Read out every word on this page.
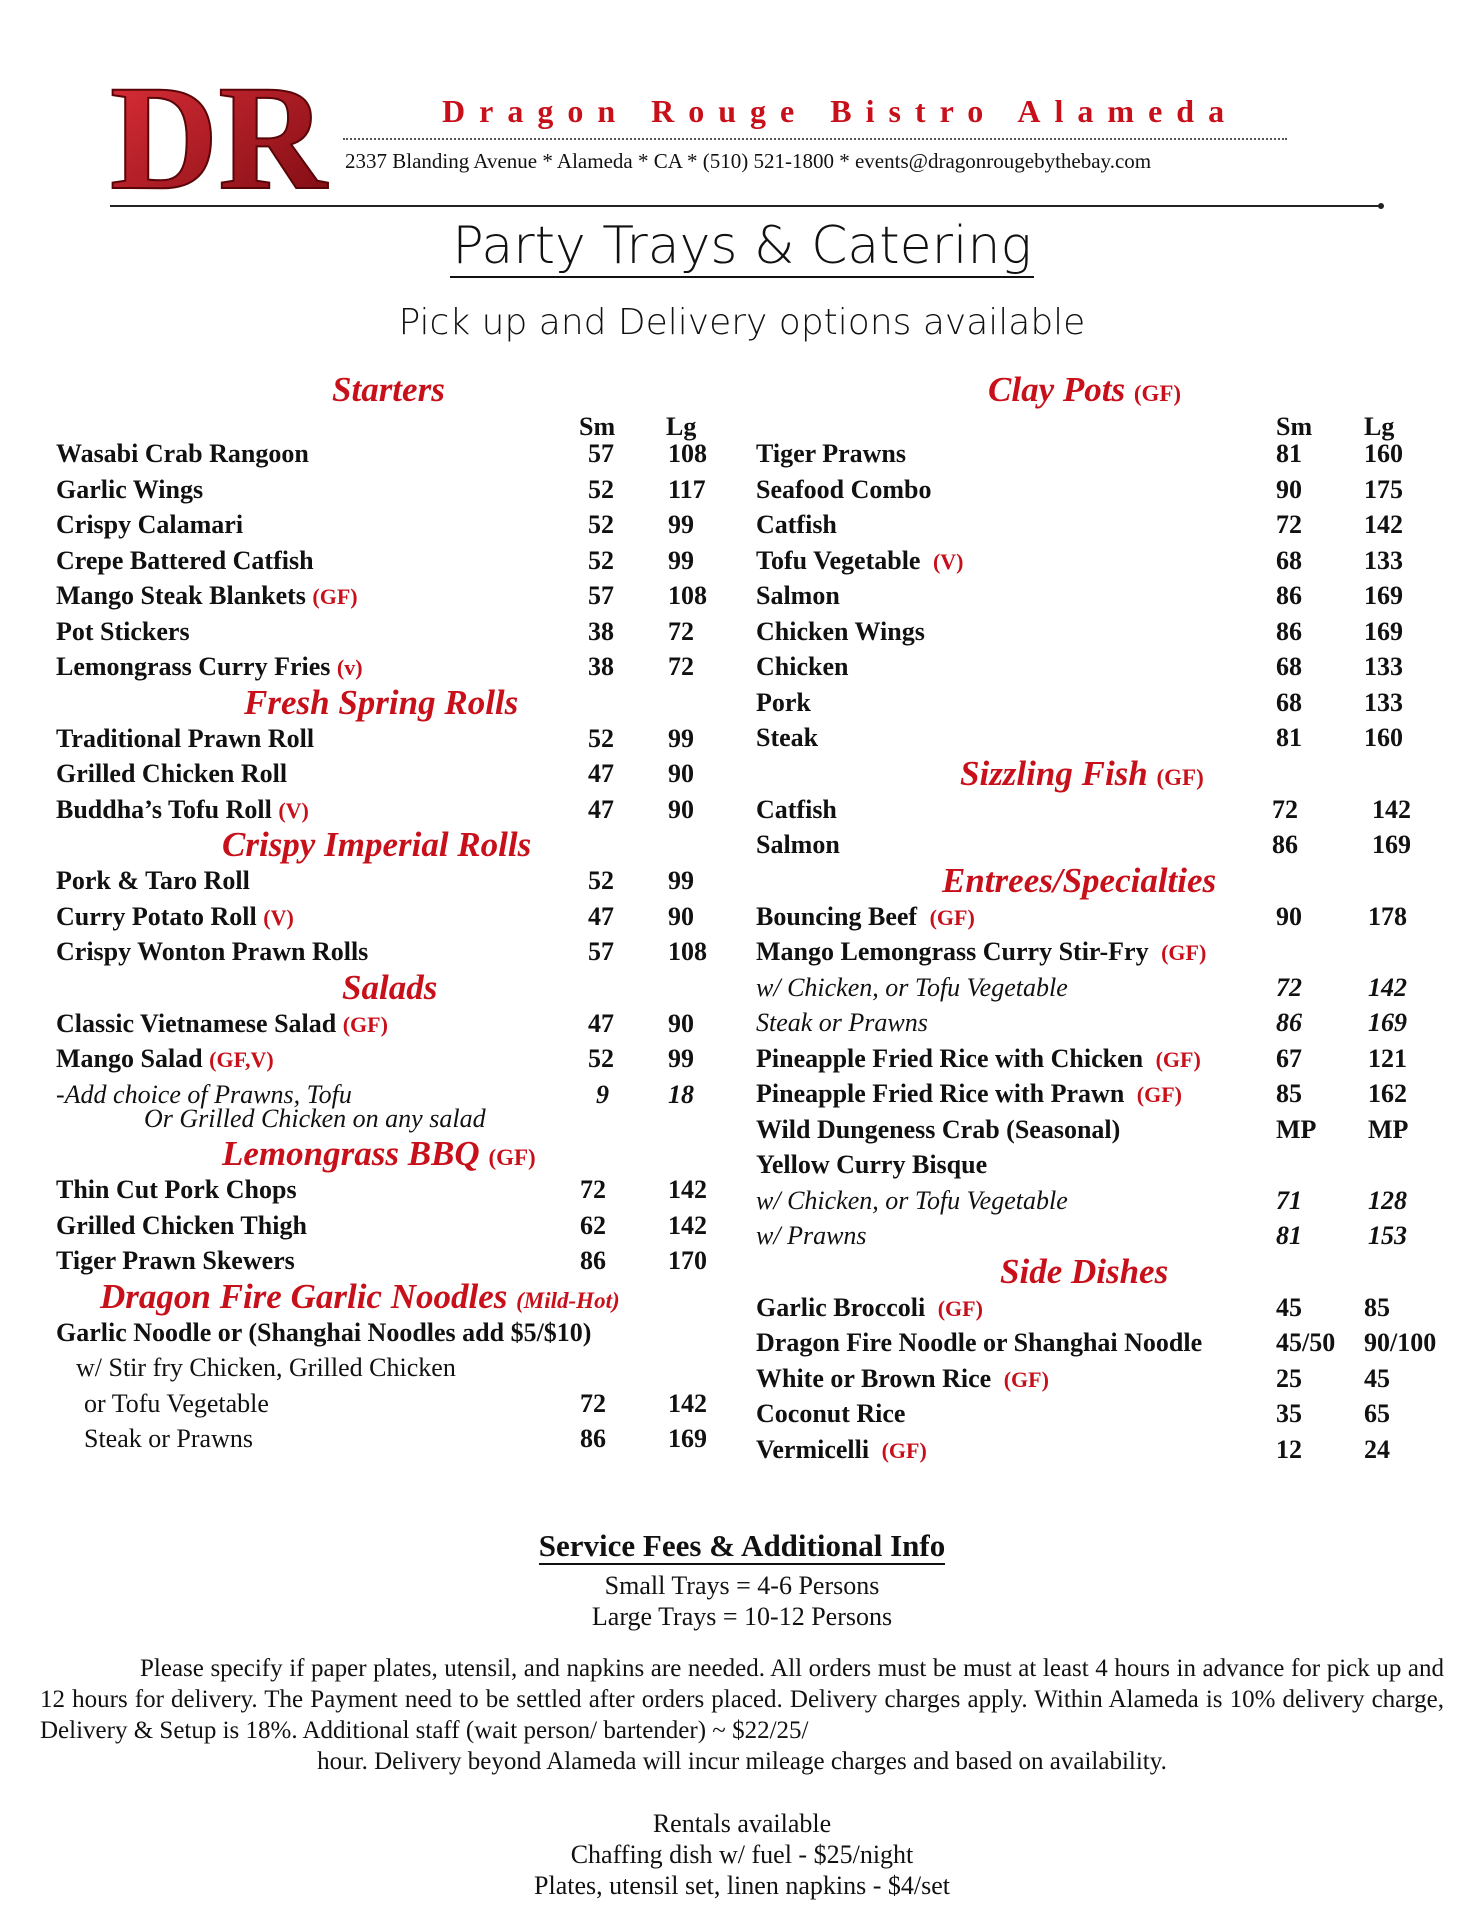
DR	Dragon Rouge Bistro Alameda
2337 Blanding Avenue * Alameda * CA * (510) 521-1800 * events@dragonrougebythebay.com
Party Trays & Catering
Pick up and Delivery options available
Starters
Sm Lg
Wasabi Crab Rangoon	57 108
Garlic Wings	52 117
Crispy Calamari	52 99
Crepe Battered Catfish	52 99
Mango Steak Blankets (GF)	57 108
Pot Stickers	38 72
Lemongrass Curry Fries (v)	38 72
Fresh Spring Rolls
Traditional Prawn Roll	52 99
Grilled Chicken Roll	47 90
Buddha’s Tofu Roll (V)	47 90
Crispy Imperial Rolls
Pork & Taro Roll	52 99
Curry Potato Roll (V)	47 90
Crispy Wonton Prawn Rolls	57 108
Salads
Classic Vietnamese Salad (GF)	47 90
Mango Salad (GF,V)	52 99
-Add choice of Prawns, Tofu	9 18
Or Grilled Chicken on any salad
Lemongrass BBQ (GF)
Thin Cut Pork Chops	72 142
Grilled Chicken Thigh	62 142
Tiger Prawn Skewers	86 170
Dragon Fire Garlic Noodles (Mild-Hot)
Garlic Noodle or (Shanghai Noodles add $5/$10)
w/ Stir fry Chicken, Grilled Chicken
or Tofu Vegetable	72 142
Steak or Prawns	86 169
Clay Pots (GF)
Sm Lg
Tiger Prawns	81 160
Seafood Combo	90 175
Catfish	72 142
Tofu Vegetable (V)	68 133
Salmon	86 169
Chicken Wings	86 169
Chicken	68 133
Pork	68 133
Steak	81 160
Sizzling Fish (GF)
Catfish	72	142
Salmon	86	169
Entrees/Specialties
Bouncing Beef (GF)	90	178
Mango Lemongrass Curry Stir-Fry (GF)
w/ Chicken, or Tofu Vegetable	72	142
Steak or Prawns	86	169
Pineapple Fried Rice with Chicken (GF)	67	121
Pineapple Fried Rice with Prawn (GF)	85	162
Wild Dungeness Crab (Seasonal)	MP MP
Yellow Curry Bisque
w/ Chicken, or Tofu Vegetable	71	128
w/ Prawns	81	153
Side Dishes
Garlic Broccoli (GF)	45 85
Dragon Fire Noodle or Shanghai Noodle	45/50 90/100
White or Brown Rice (GF)	25 45
Coconut Rice	35 65
Vermicelli (GF)	12 24
Service Fees & Additional Info
Small Trays = 4-6 Persons
Large Trays = 10-12 Persons
Please specify if paper plates, utensil, and napkins are needed. All orders must be must at least 4 hours in advance for pick up and 12 hours for delivery. The Payment need to be settled after orders placed. Delivery charges apply. Within Alameda is 10% delivery charge, Delivery & Setup is 18%. Additional staff (wait person/ bartender) ~ $22/25/
hour. Delivery beyond Alameda will incur mileage charges and based on availability.
Rentals available
Chaffing dish w/ fuel - $25/night
Plates, utensil set, linen napkins - $4/set
